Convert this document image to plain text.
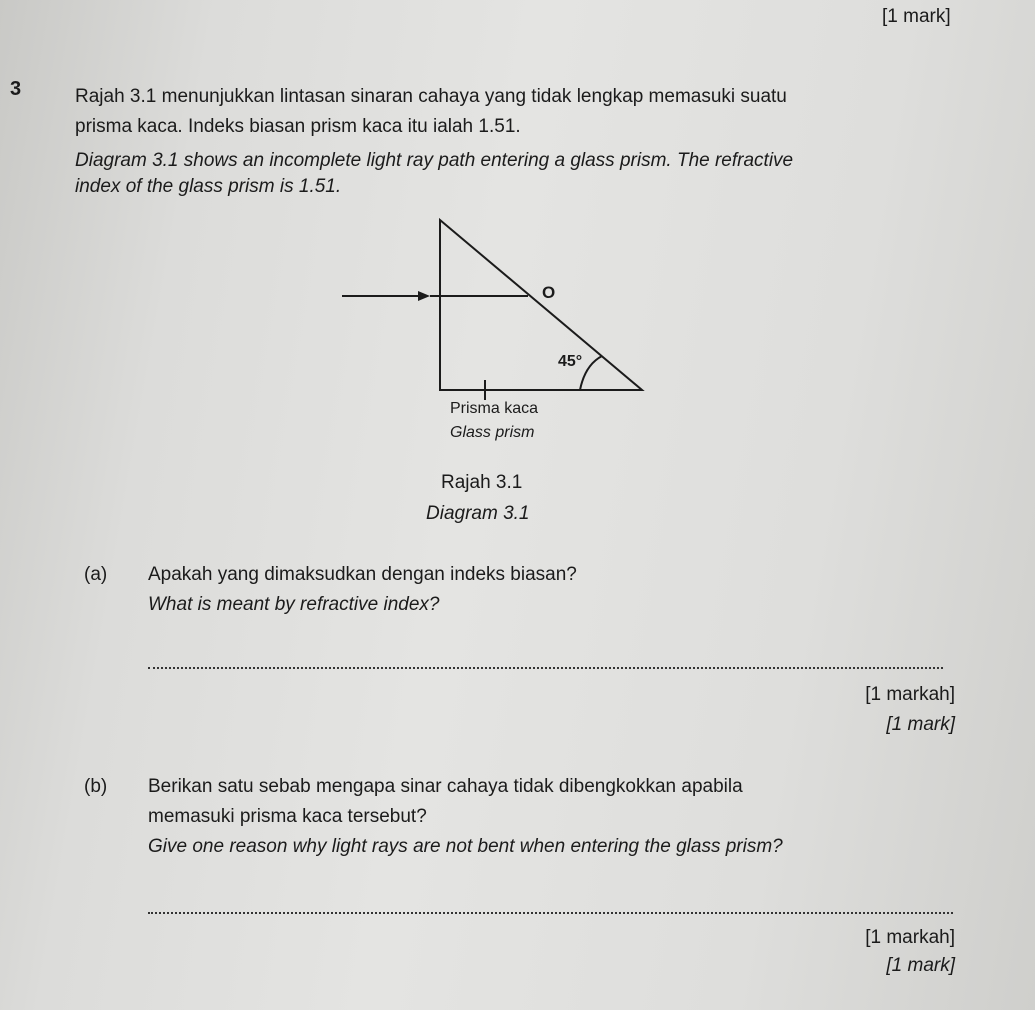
[1 mark]
3	Rajah 3.1 menunjukkan lintasan sinaran cahaya yang tidak lengkap memasuki suatu
prisma kaca. Indeks biasan prism kaca itu ialah 1.51.
Diagram 3.1 shows an incomplete light ray path entering a glass prism. The refractive
index of the glass prism is 1.51.
O
45°
Prisma kaca
Glass prism
Rajah 3.1
Diagram 3.1
(a) Apakah yang dimaksudkan dengan indeks biasan?
What is meant by refractive index?
[1 markah]
[1 mark]
(b) Berikan satu sebab mengapa sinar cahaya tidak dibengkokkan apabila
memasuki prisma kaca tersebut?
Give one reason why light rays are not bent when entering the glass prism?
[1 markah]
[1 mark]
